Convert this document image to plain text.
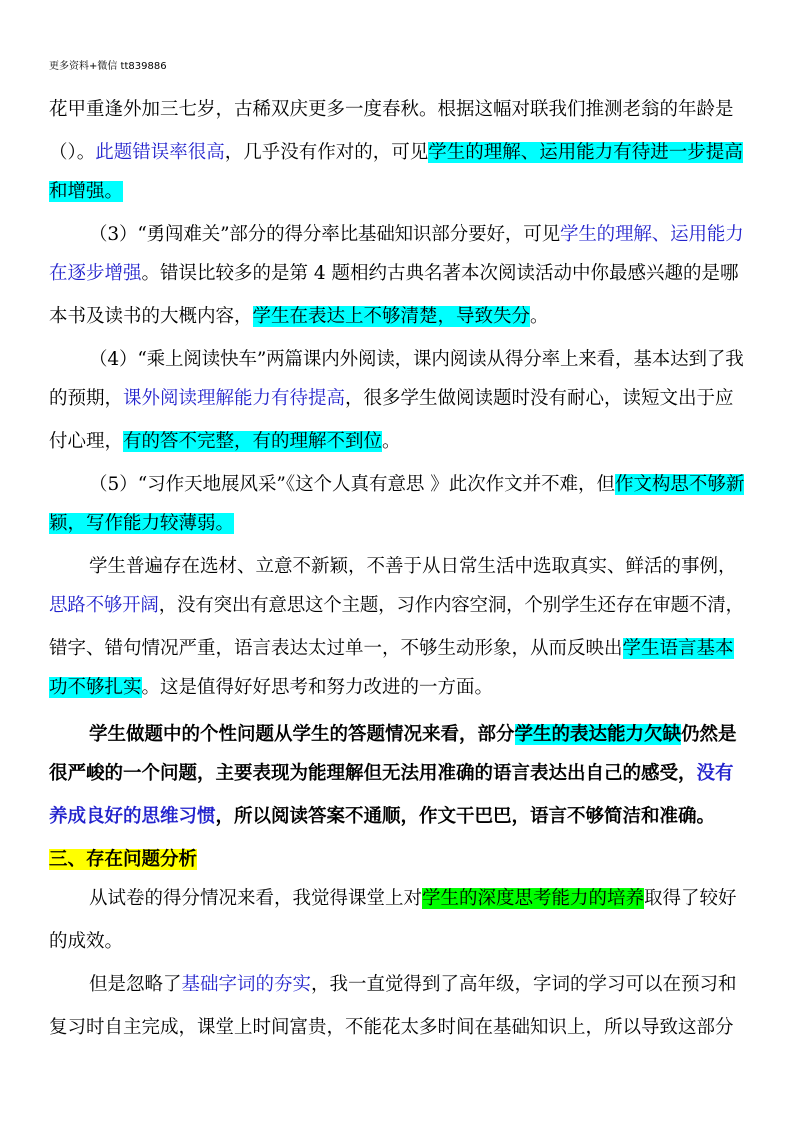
更多资料+微信 tt839886
花甲重逢外加三七岁，古稀双庆更多一度春秋。根据这幅对联我们推测老翁的年龄是
（）。此题错误率很高，几乎没有作对的，可见学生的理解、运用能力有待进一步提高
和增强。
（3）“勇闯难关”部分的得分率比基础知识部分要好，可见学生的理解、运用能力
在逐步增强。错误比较多的是第 4 题相约古典名著本次阅读活动中你最感兴趣的是哪
本书及读书的大概内容，学生在表达上不够清楚，导致失分。
（4）“乘上阅读快车”两篇课内外阅读，课内阅读从得分率上来看，基本达到了我
的预期，课外阅读理解能力有待提高，很多学生做阅读题时没有耐心，读短文出于应
付心理，有的答不完整，有的理解不到位。
（5）“习作天地展风采”《这个人真有意思 》此次作文并不难，但作文构思不够新
颖，写作能力较薄弱。
学生普遍存在选材、立意不新颖，不善于从日常生活中选取真实、鲜活的事例，
思路不够开阔，没有突出有意思这个主题，习作内容空洞，个别学生还存在审题不清，
错字、错句情况严重，语言表达太过单一，不够生动形象，从而反映出学生语言基本
功不够扎实。这是值得好好思考和努力改进的一方面。
学生做题中的个性问题从学生的答题情况来看，部分学生的表达能力欠缺仍然是
很严峻的一个问题，主要表现为能理解但无法用准确的语言表达出自己的感受，没有
养成良好的思维习惯，所以阅读答案不通顺，作文干巴巴，语言不够简洁和准确。
三、存在问题分析
从试卷的得分情况来看，我觉得课堂上对学生的深度思考能力的培养取得了较好
的成效。
但是忽略了基础字词的夯实，我一直觉得到了高年级，字词的学习可以在预习和
复习时自主完成，课堂上时间富贵，不能花太多时间在基础知识上，所以导致这部分
